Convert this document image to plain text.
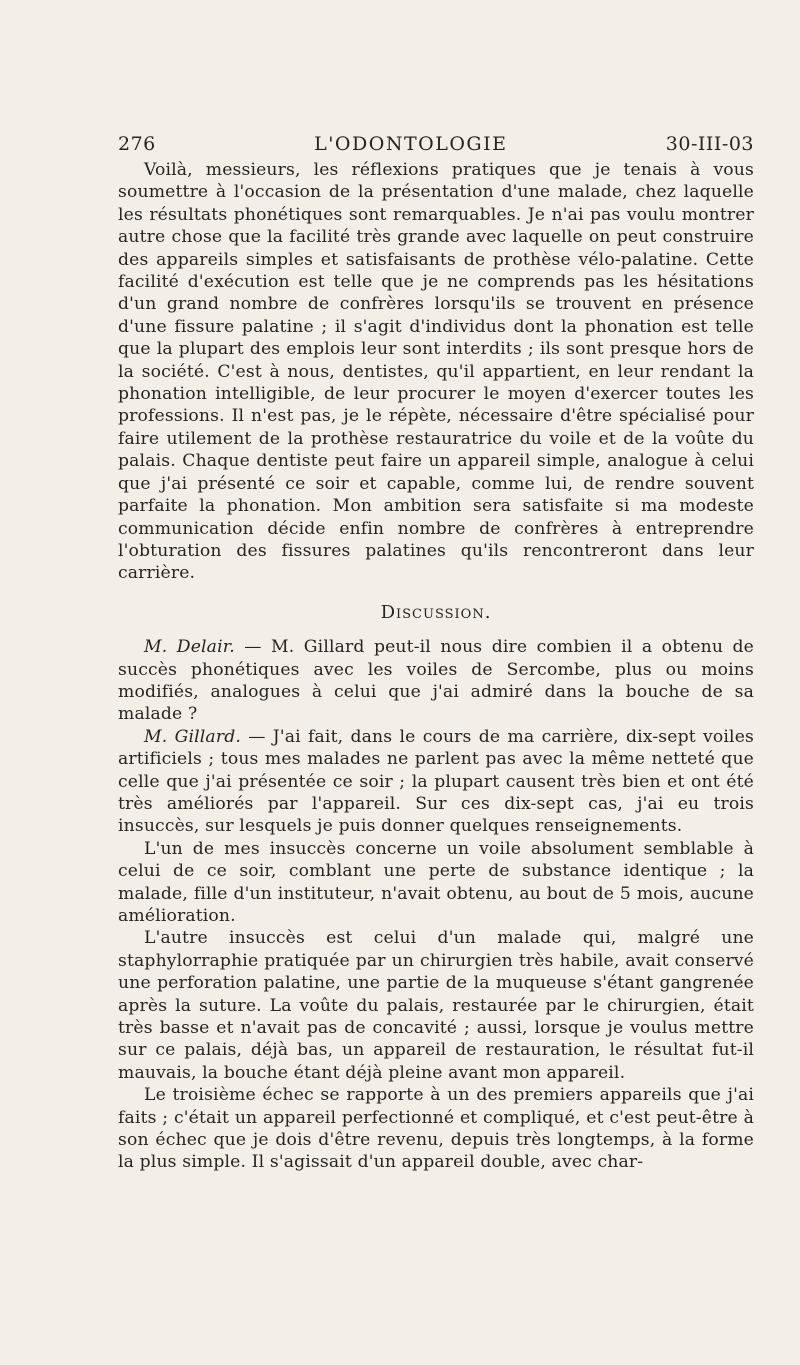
276	L'ODONTOLOGIE	30-III-03

Voilà, messieurs, les réflexions pratiques que je tenais à vous soumettre à l'occasion de la présentation d'une malade, chez laquelle les résultats phonétiques sont remarquables. Je n'ai pas voulu montrer autre chose que la facilité très grande avec laquelle on peut construire des appareils simples et satisfaisants de prothèse vélo-palatine. Cette facilité d'exécution est telle que je ne comprends pas les hésitations d'un grand nombre de confrères lorsqu'ils se trouvent en présence d'une fissure palatine ; il s'agit d'individus dont la phonation est telle que la plupart des emplois leur sont interdits ; ils sont presque hors de la société. C'est à nous, dentistes, qu'il appartient, en leur rendant la phonation intelligible, de leur procurer le moyen d'exercer toutes les professions. Il n'est pas, je le répète, nécessaire d'être spécialisé pour faire utilement de la prothèse restauratrice du voile et de la voûte du palais. Chaque dentiste peut faire un appareil simple, analogue à celui que j'ai présenté ce soir et capable, comme lui, de rendre souvent parfaite la phonation. Mon ambition sera satisfaite si ma modeste communication décide enfin nombre de confrères à entreprendre l'obturation des fissures palatines qu'ils rencontreront dans leur carrière.

Discussion.

M. Delair. — M. Gillard peut-il nous dire combien il a obtenu de succès phonétiques avec les voiles de Sercombe, plus ou moins modifiés, analogues à celui que j'ai admiré dans la bouche de sa malade ?

M. Gillard. — J'ai fait, dans le cours de ma carrière, dix-sept voiles artificiels ; tous mes malades ne parlent pas avec la même netteté que celle que j'ai présentée ce soir ; la plupart causent très bien et ont été très améliorés par l'appareil. Sur ces dix-sept cas, j'ai eu trois insuccès, sur lesquels je puis donner quelques renseignements.

L'un de mes insuccès concerne un voile absolument semblable à celui de ce soir, comblant une perte de substance identique ; la malade, fille d'un instituteur, n'avait obtenu, au bout de 5 mois, aucune amélioration.

L'autre insuccès est celui d'un malade qui, malgré une staphylorraphie pratiquée par un chirurgien très habile, avait conservé une perforation palatine, une partie de la muqueuse s'étant gangrenée après la suture. La voûte du palais, restaurée par le chirurgien, était très basse et n'avait pas de concavité ; aussi, lorsque je voulus mettre sur ce palais, déjà bas, un appareil de restauration, le résultat fut-il mauvais, la bouche étant déjà pleine avant mon appareil.

Le troisième échec se rapporte à un des premiers appareils que j'ai faits ; c'était un appareil perfectionné et compliqué, et c'est peut-être à son échec que je dois d'être revenu, depuis très longtemps, à la forme la plus simple. Il s'agissait d'un appareil double, avec char-
